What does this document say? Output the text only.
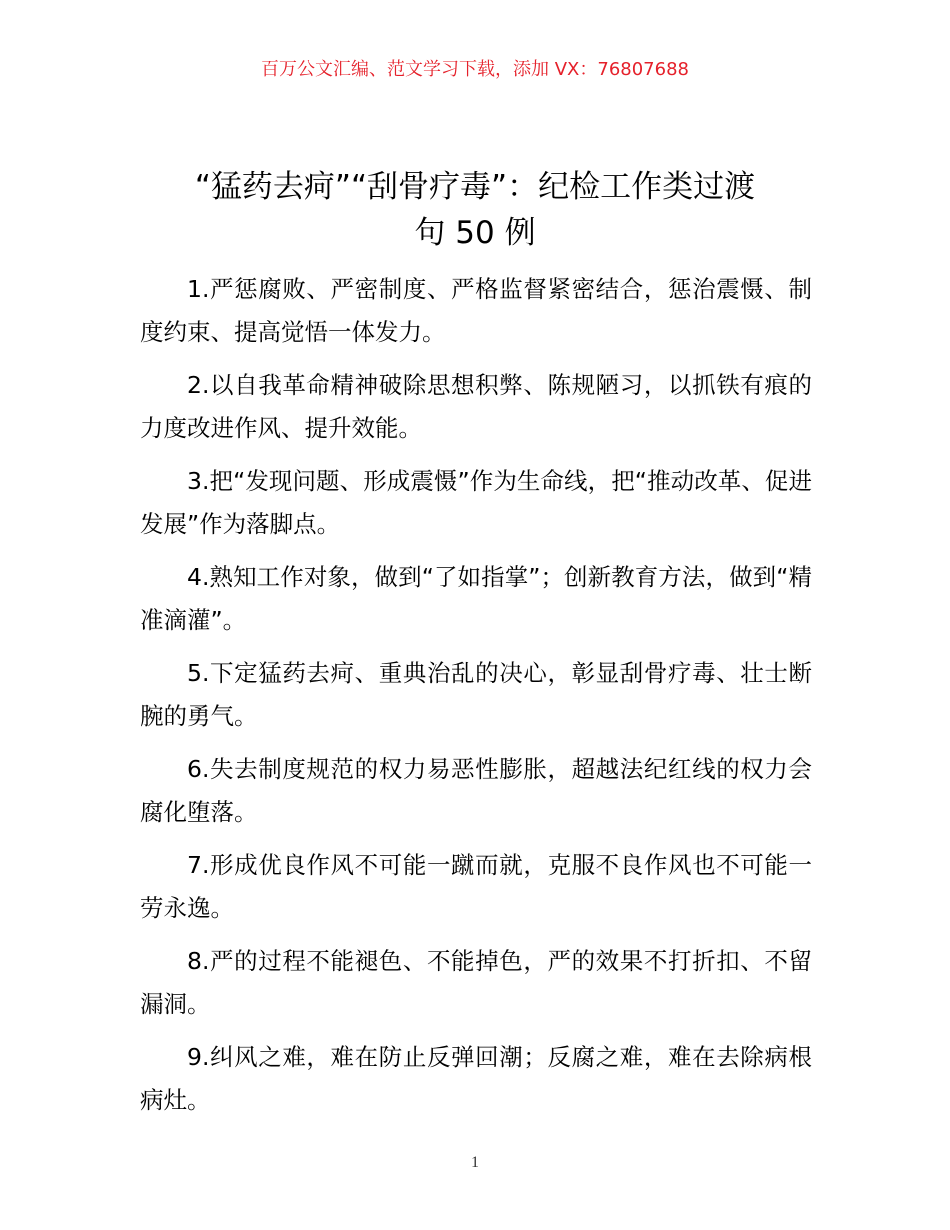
百万公文汇编、范文学习下载，添加 VX：76807688
“猛药去疴”“刮骨疗毒”：纪检工作类过渡
句 50 例

1.严惩腐败、严密制度、严格监督紧密结合，惩治震慑、制度约束、提高觉悟一体发力。

2.以自我革命精神破除思想积弊、陈规陋习，以抓铁有痕的力度改进作风、提升效能。

3.把“发现问题、形成震慑”作为生命线，把“推动改革、促进发展”作为落脚点。

4.熟知工作对象，做到“了如指掌”；创新教育方法，做到“精准滴灌”。

5.下定猛药去疴、重典治乱的决心，彰显刮骨疗毒、壮士断腕的勇气。

6.失去制度规范的权力易恶性膨胀，超越法纪红线的权力会腐化堕落。

7.形成优良作风不可能一蹴而就，克服不良作风也不可能一劳永逸。

8.严的过程不能褪色、不能掉色，严的效果不打折扣、不留漏洞。

9.纠风之难，难在防止反弹回潮；反腐之难，难在去除病根病灶。

1
